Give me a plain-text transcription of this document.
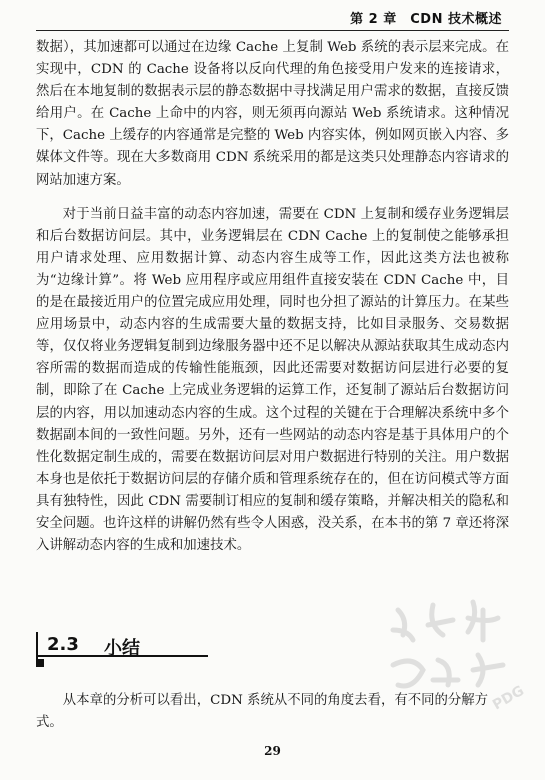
第 2 章　CDN 技术概述

数据），其加速都可以通过在边缘 Cache 上复制 Web 系统的表示层来完成。在实现中，CDN 的 Cache 设备将以反向代理的角色接受用户发来的连接请求，然后在本地复制的数据表示层的静态数据中寻找满足用户需求的数据，直接反馈给用户。在 Cache 上命中的内容，则无须再向源站 Web 系统请求。这种情况下，Cache 上缓存的内容通常是完整的 Web 内容实体，例如网页嵌入内容、多媒体文件等。现在大多数商用 CDN 系统采用的都是这类只处理静态内容请求的网站加速方案。

对于当前日益丰富的动态内容加速，需要在 CDN 上复制和缓存业务逻辑层和后台数据访问层。其中，业务逻辑层在 CDN Cache 上的复制使之能够承担用户请求处理、应用数据计算、动态内容生成等工作，因此这类方法也被称为“边缘计算”。将 Web 应用程序或应用组件直接安装在 CDN Cache 中，目的是在最接近用户的位置完成应用处理，同时也分担了源站的计算压力。在某些应用场景中，动态内容的生成需要大量的数据支持，比如目录服务、交易数据等，仅仅将业务逻辑复制到边缘服务器中还不足以解决从源站获取其生成动态内容所需的数据而造成的传输性能瓶颈，因此还需要对数据访问层进行必要的复制，即除了在 Cache 上完成业务逻辑的运算工作，还复制了源站后台数据访问层的内容，用以加速动态内容的生成。这个过程的关键在于合理解决系统中多个数据副本间的一致性问题。另外，还有一些网站的动态内容是基于具体用户的个性化数据定制生成的，需要在数据访问层对用户数据进行特别的关注。用户数据本身也是依托于数据访问层的存储介质和管理系统存在的，但在访问模式等方面具有独特性，因此 CDN 需要制订相应的复制和缓存策略，并解决相关的隐私和安全问题。也许这样的讲解仍然有些令人困惑，没关系，在本书的第 7 章还将深入讲解动态内容的生成和加速技术。

2.3 小结

从本章的分析可以看出，CDN 系统从不同的角度去看，有不同的分解方式。

29
PDG
